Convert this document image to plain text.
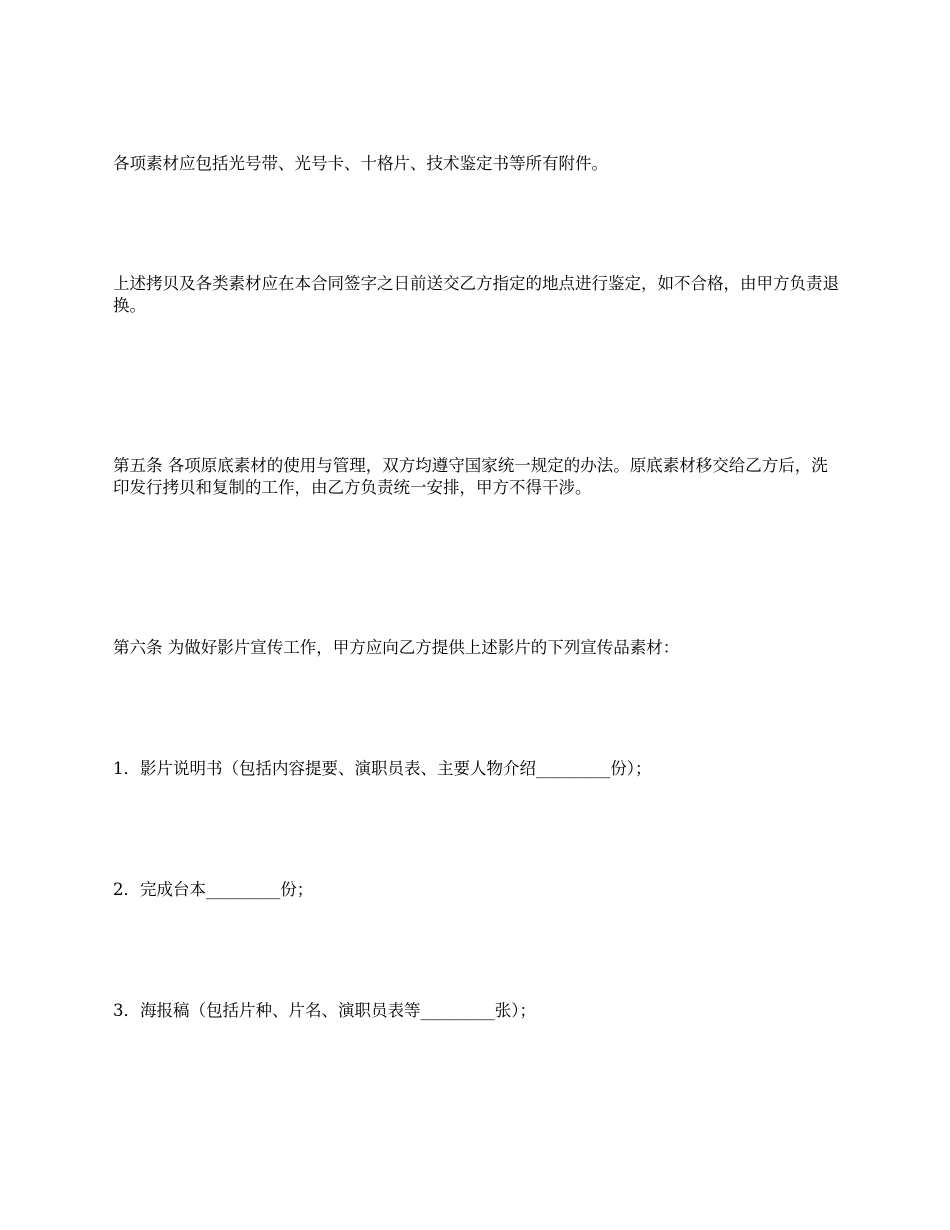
各项素材应包括光号带、光号卡、十格片、技术鉴定书等所有附件。

上述拷贝及各类素材应在本合同签字之日前送交乙方指定的地点进行鉴定，如不合格，由甲方负责退换。

第五条 各项原底素材的使用与管理，双方均遵守国家统一规定的办法。原底素材移交给乙方后，洗印发行拷贝和复制的工作，由乙方负责统一安排，甲方不得干涉。

第六条 为做好影片宣传工作，甲方应向乙方提供上述影片的下列宣传品素材：

1．影片说明书（包括内容提要、演职员表、主要人物介绍_________份）；

2．完成台本_________份；

3．海报稿（包括片种、片名、演职员表等_________张）；
